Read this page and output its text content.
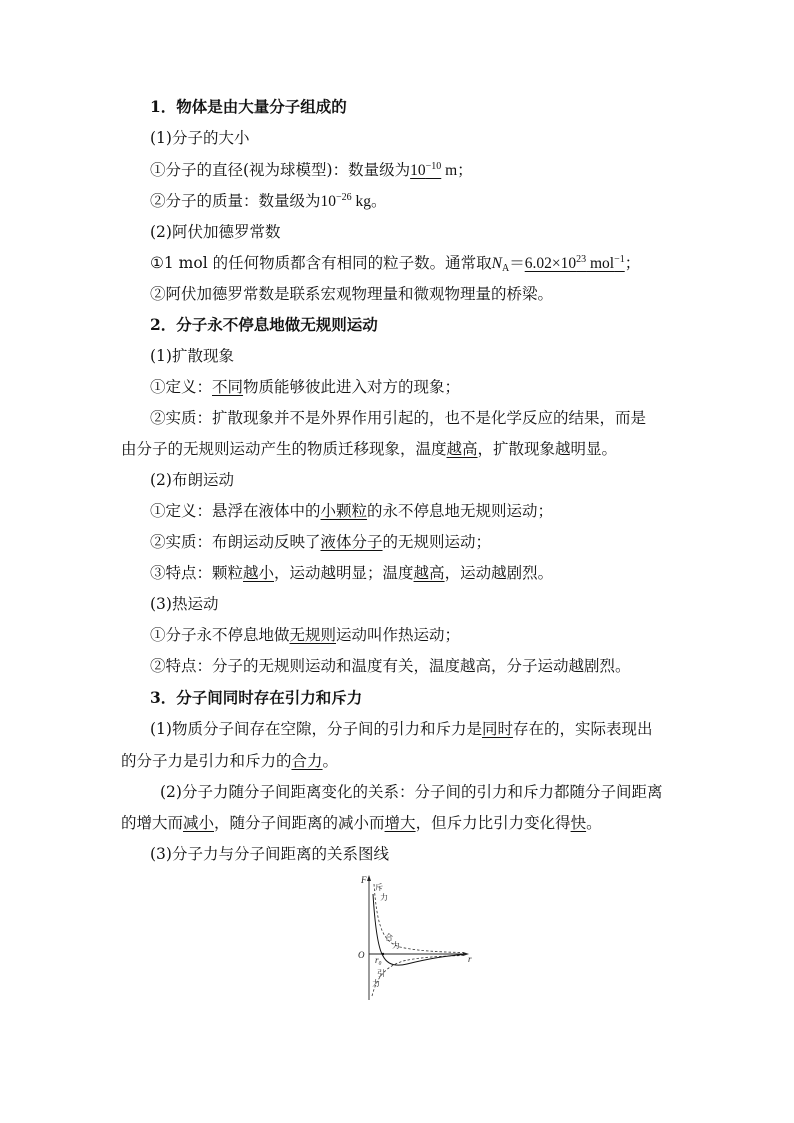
1．物体是由大量分子组成的
(1)分子的大小
①分子的直径(视为球模型)：数量级为$10^{-10}$ m；
②分子的质量：数量级为$10^{-26}$ kg。
(2)阿伏加德罗常数
①1 mol 的任何物质都含有相同的粒子数。通常取$N_A=6.02\times 10^{23}$ mol$^{-1}$；
②阿伏加德罗常数是联系宏观物理量和微观物理量的桥梁。
2．分子永不停息地做无规则运动
(1)扩散现象
①定义：不同物质能够彼此进入对方的现象；
②实质：扩散现象并不是外界作用引起的，也不是化学反应的结果，而是
由分子的无规则运动产生的物质迁移现象，温度越高，扩散现象越明显。
(2)布朗运动
①定义：悬浮在液体中的小颗粒的永不停息地无规则运动；
②实质：布朗运动反映了液体分子的无规则运动；
③特点：颗粒越小，运动越明显；温度越高，运动越剧烈。
(3)热运动
①分子永不停息地做无规则运动叫作热运动；
②特点：分子的无规则运动和温度有关，温度越高，分子运动越剧烈。
3．分子间同时存在引力和斥力
(1)物质分子间存在空隙，分子间的引力和斥力是同时存在的，实际表现出
的分子力是引力和斥力的合力。
(2)分子力随分子间距离变化的关系：分子间的引力和斥力都随分子间距离
的增大而减小，随分子间距离的减小而增大，但斥力比引力变化得快。
(3)分子力与分子间距离的关系图线
F
r
O r₀
斥
力
合
力
引
力
